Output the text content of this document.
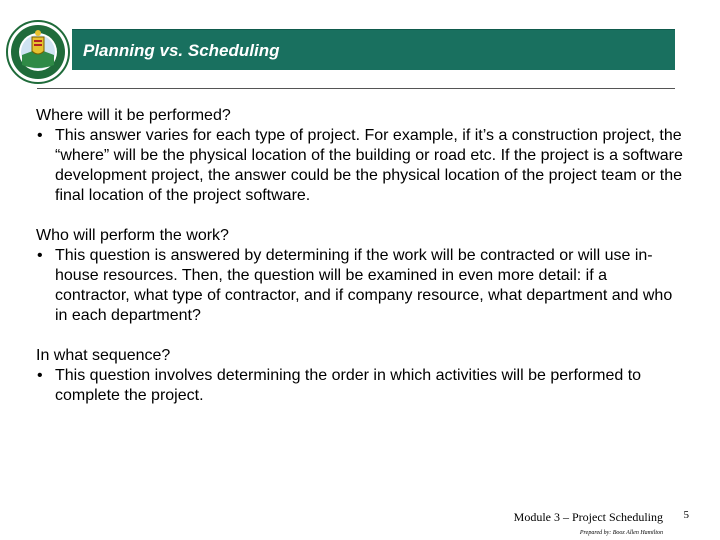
Planning vs. Scheduling

Where will it be performed?

• This answer varies for each type of project. For example, if it’s a construction project, the “where” will be the physical location of the building or road etc. If the project is a software development project, the answer could be the physical location of the project team or the final location of the project software.

Who will perform the work?

• This question is answered by determining if the work will be contracted or will use in-house resources. Then, the question will be examined in even more detail: if a contractor, what type of contractor, and if company resource, what department and who in each department?

In what sequence?

• This question involves determining the order in which activities will be performed to complete the project.

Module 3 – Project Scheduling 5
Prepared by: Booz Allen Hamilton
